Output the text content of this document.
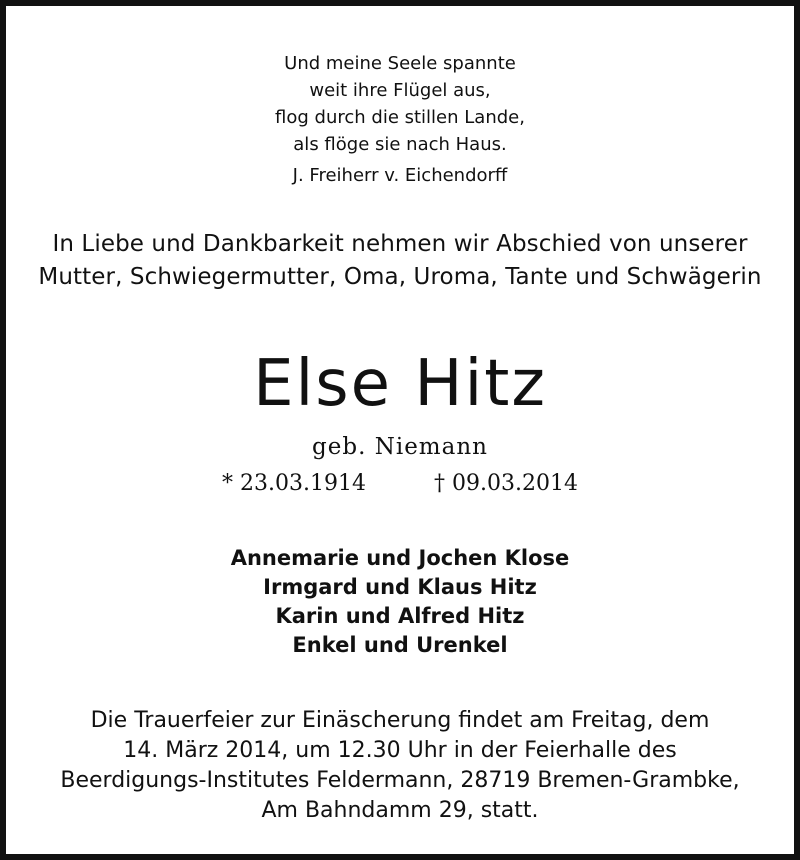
Und meine Seele spannte
weit ihre Flügel aus,
flog durch die stillen Lande,
als flöge sie nach Haus.
J. Freiherr v. Eichendorff
In Liebe und Dankbarkeit nehmen wir Abschied von unserer
Mutter, Schwiegermutter, Oma, Uroma, Tante und Schwägerin
Else Hitz
geb. Niemann
* 23.03.1914	† 09.03.2014
Annemarie und Jochen Klose
Irmgard und Klaus Hitz
Karin und Alfred Hitz
Enkel und Urenkel
Die Trauerfeier zur Einäscherung findet am Freitag, dem
14. März 2014, um 12.30 Uhr in der Feierhalle des
Beerdigungs-Institutes Feldermann, 28719 Bremen-Grambke,
Am Bahndamm 29, statt.
